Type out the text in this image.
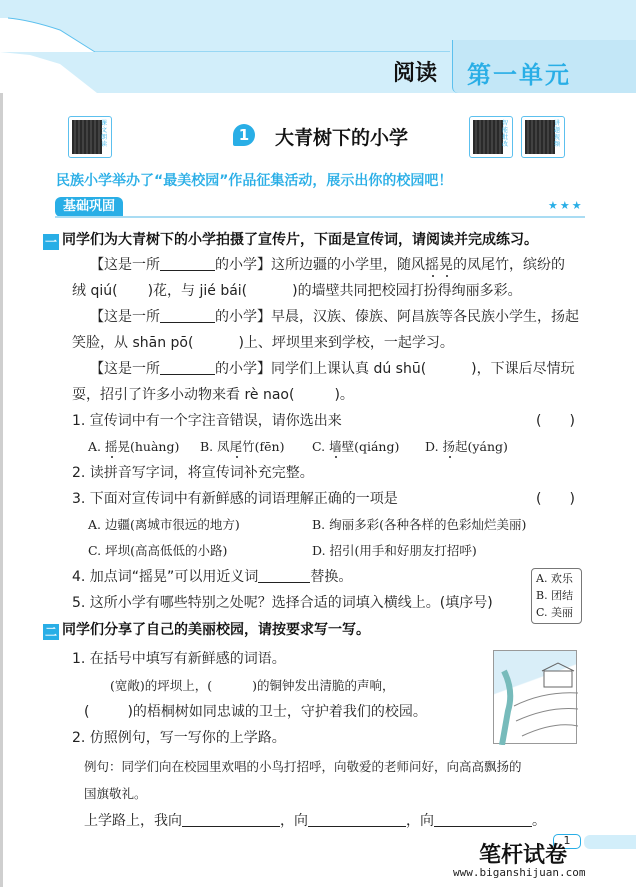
阅读 第一单元
课文朗读
智能批改
讲题视频
1	大青树下的小学
民族小学举办了“最美校园”作品征集活动，展示出你的校园吧！
基础巩固	★★★
一 同学们为大青树下的小学拍摄了宣传片，下面是宣传词，请阅读并完成练习。
【这是一所	的小学】这所边疆的小学里，随风摇晃的凤尾竹，缤纷的
绒 qiú( )花，与 jié bái(	)的墙壁共同把校园打扮得绚丽多彩。
【这是一所	的小学】早晨，汉族、傣族、阿昌族等各民族小学生，扬起
笑脸，从 shān pō(	)上、坪坝里来到学校，一起学习。
【这是一所	的小学】同学们上课认真 dú shū(	)，下课后尽情玩
耍，招引了许多小动物来看 rè nao(	)。
1. 宣传词中有一个字注音错误，请你选出来	(　　)
A. 摇晃(huàng) B. 凤尾竹(fēn) C. 墙壁(qiáng) D. 扬起(yáng)
2. 读拼音写字词，将宣传词补充完整。
3. 下面对宣传词中有新鲜感的词语理解正确的一项是	(　　)
A. 边疆(离城市很远的地方)	B. 绚丽多彩(各种各样的色彩灿烂美丽)
C. 坪坝(高高低低的小路)	D. 招引(用手和好朋友打招呼)
4. 加点词“摇晃”可以用近义词	替换。
5. 这所小学有哪些特别之处呢？选择合适的词填入横线上。(填序号)
A. 欢乐
B. 团结
C. 美丽
二 同学们分享了自己的美丽校园，请按要求写一写。
1. 在括号中填写有新鲜感的词语。
(宽敞)的坪坝上，(	)的铜钟发出清脆的声响，
(	)的梧桐树如同忠诚的卫士，守护着我们的校园。
2. 仿照例句，写一写你的上学路。
例句：同学们向在校园里欢唱的小鸟打招呼，向敬爱的老师问好，向高高飘扬的
国旗敬礼。
上学路上，我向	，向	，向	。
1
笔杆试卷
www.biganshijuan.com
